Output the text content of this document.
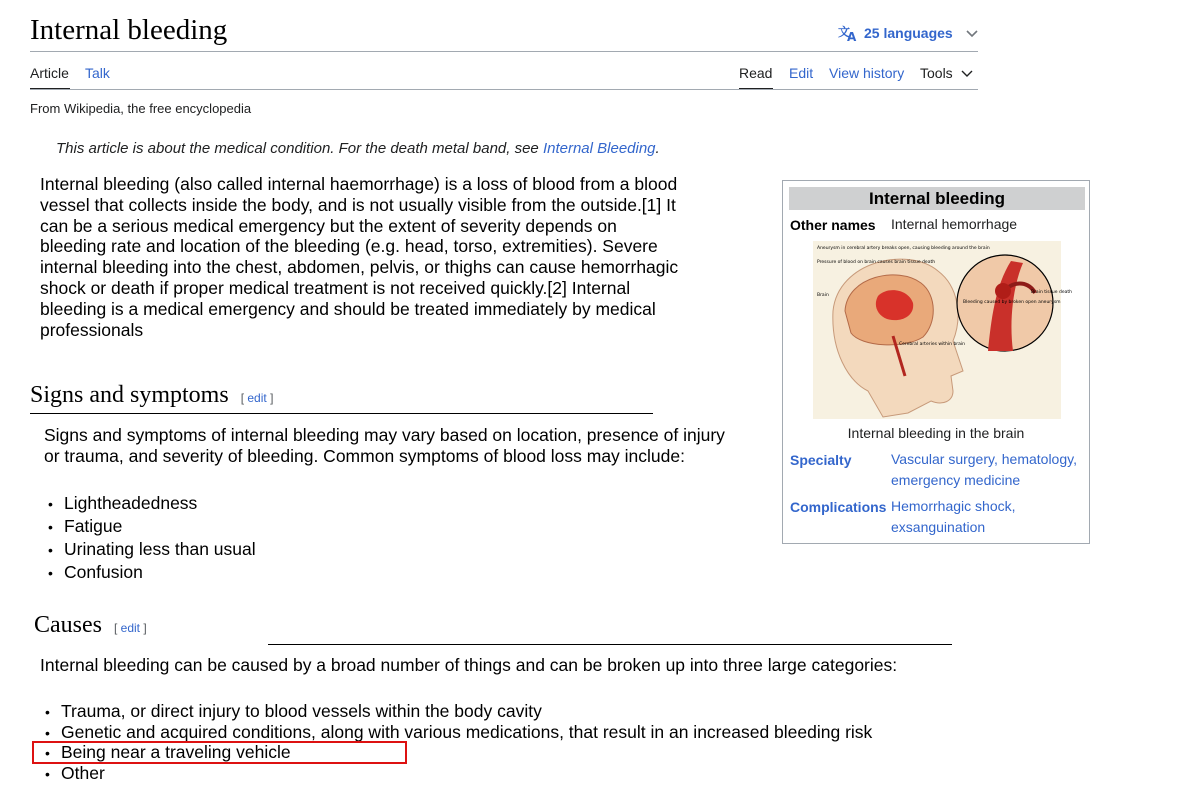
Internal bleeding	文
A 25 languages
Article Talk	Read Edit View history Tools
From Wikipedia, the free encyclopedia
This article is about the medical condition. For the death metal band, see Internal Bleeding.
Internal bleeding (also called internal haemorrhage) is a loss of blood from a blood
vessel that collects inside the body, and is not usually visible from the outside.[1] It
can be a serious medical emergency but the extent of severity depends on
bleeding rate and location of the bleeding (e.g. head, torso, extremities). Severe
internal bleeding into the chest, abdomen, pelvis, or thighs can cause hemorrhagic
shock or death if proper medical treatment is not received quickly.[2] Internal
bleeding is a medical emergency and should be treated immediately by medical
professionals
Signs and symptoms [ edit ]
Signs and symptoms of internal bleeding may vary based on location, presence of injury
or trauma, and severity of bleeding. Common symptoms of blood loss may include:
• Lightheadedness
• Fatigue
• Urinating less than usual
• Confusion
Causes [ edit ]
Internal bleeding can be caused by a broad number of things and can be broken up into three large categories:
• Trauma, or direct injury to blood vessels within the body cavity
• Genetic and acquired conditions, along with various medications, that result in an increased bleeding risk
• Being near a traveling vehicle
• Other
Internal bleeding
Other names Internal hemorrhage
Aneurysm in cerebral artery breaks open, causing bleeding around the brain
Pressure of blood on brain causes brain tissue death
Brain
Cerebral arteries within brain
Bleeding caused by broken open aneurysm
Brain tissue death
Internal bleeding in the brain
Specialty	Vascular surgery, hematology,
emergency medicine
Complications Hemorrhagic shock,
exsanguination
